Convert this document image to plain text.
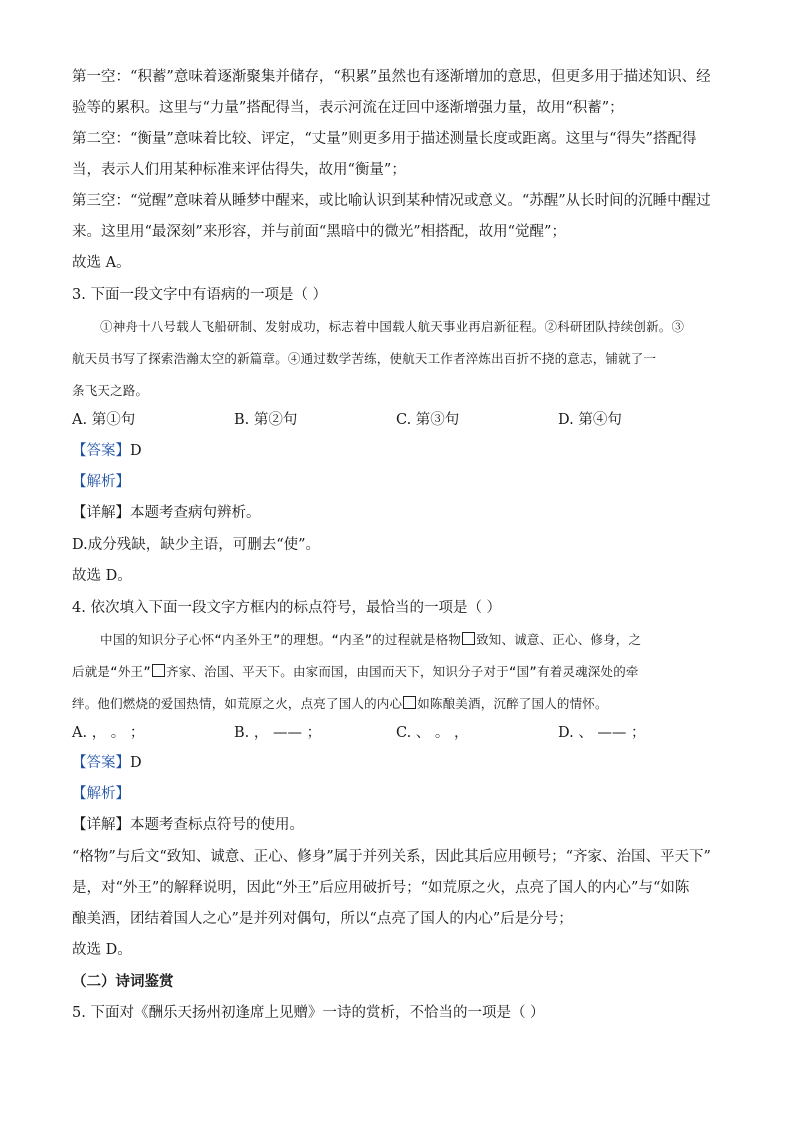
第一空：“积蓄”意味着逐渐聚集并储存，“积累”虽然也有逐渐增加的意思，但更多用于描述知识、经
验等的累积。这里与“力量”搭配得当，表示河流在迂回中逐渐增强力量，故用“积蓄”；
第二空：“衡量”意味着比较、评定，“丈量”则更多用于描述测量长度或距离。这里与“得失”搭配得
当，表示人们用某种标准来评估得失，故用“衡量”；
第三空：“觉醒”意味着从睡梦中醒来，或比喻认识到某种情况或意义。“苏醒”从长时间的沉睡中醒过
来。这里用“最深刻”来形容，并与前面“黑暗中的微光”相搭配，故用“觉醒”；
故选 A。
3. 下面一段文字中有语病的一项是（ ）
①神舟十八号载人飞船研制、发射成功，标志着中国载人航天事业再启新征程。②科研团队持续创新。③
航天员书写了探索浩瀚太空的新篇章。④通过数学苦练，使航天工作者淬炼出百折不挠的意志，铺就了一
条飞天之路。
A. 第①句	B. 第②句	C. 第③句	D. 第④句
【答案】D
【解析】
【详解】本题考查病句辨析。
D.成分残缺，缺少主语，可删去“使”。
故选 D。
4. 依次填入下面一段文字方框内的标点符号，最恰当的一项是（ ）
中国的知识分子心怀“内圣外王”的理想。“内圣”的过程就是格物 致知、诚意、正心、修身，之
后就是“外王” 齐家、治国、平天下。由家而国，由国而天下，知识分子对于“国”有着灵魂深处的牵
绊。他们燃烧的爱国热情，如荒原之火，点亮了国人的内心 如陈酿美酒，沉醉了国人的情怀。
A. ， 。 ；	B. ， —— ；	C. 、 。 ，	D. 、 —— ；
【答案】D
【解析】
【详解】本题考查标点符号的使用。
“格物”与后文“致知、诚意、正心、修身”属于并列关系，因此其后应用顿号；“齐家、治国、平天下”
是，对“外王”的解释说明，因此“外王”后应用破折号；“如荒原之火，点亮了国人的内心”与“如陈
酿美酒，团结着国人之心”是并列对偶句，所以“点亮了国人的内心”后是分号；
故选 D。
（二）诗词鉴赏
5. 下面对《酬乐天扬州初逢席上见赠》一诗的赏析，不恰当的一项是（ ）
